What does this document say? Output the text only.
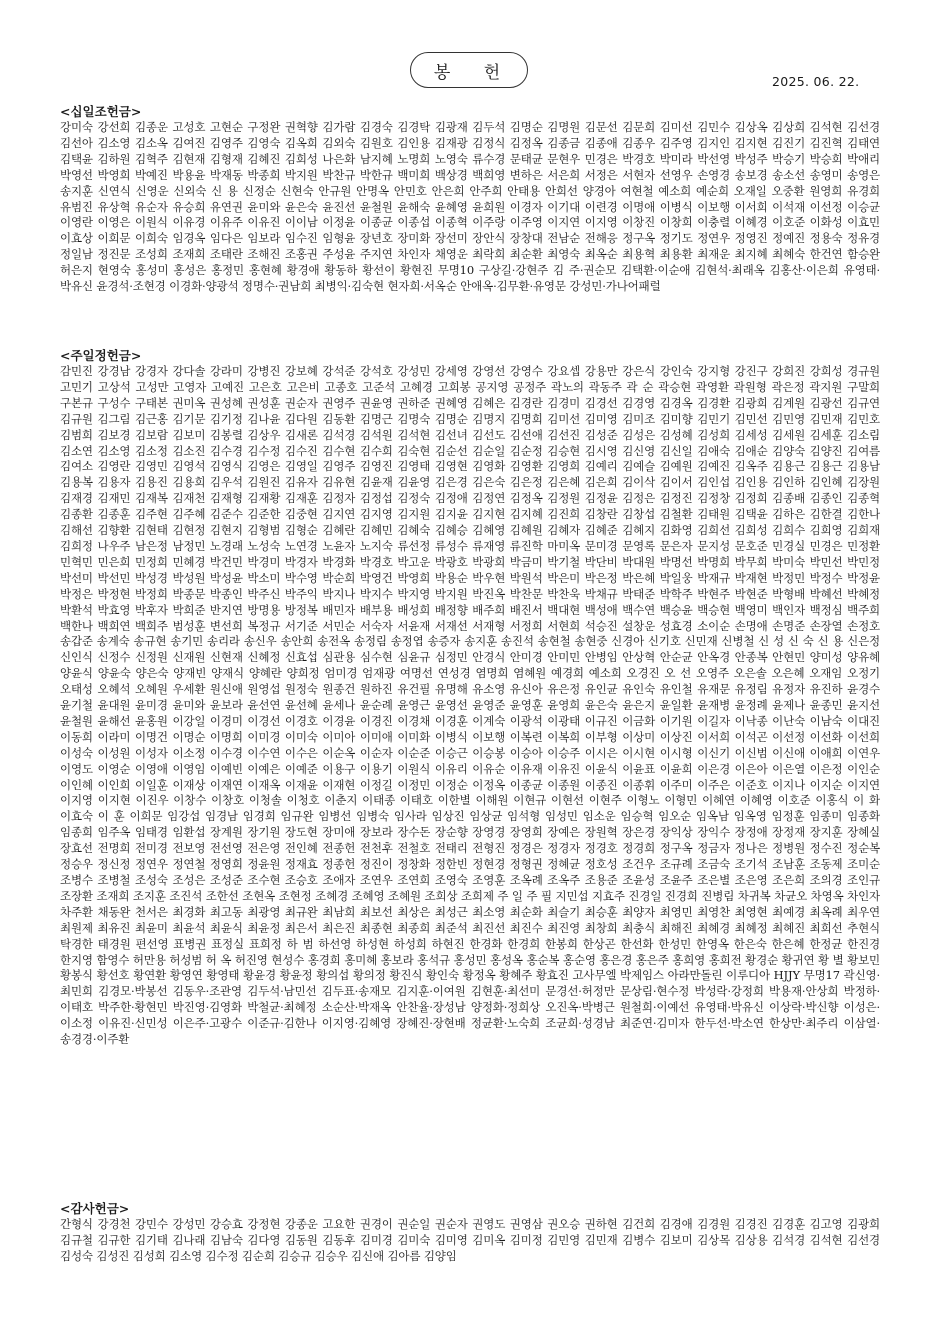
봉 헌	2025. 06. 22.
<십일조헌금>
강미숙 강선희 김종운 고성호 고현순 구정완 권혁향 김가람 김경숙 김경탁 김광재 김두석 김명순 김명원 김문선 김문희 김미선 김민수 김상옥 김상희 김석현 김선경 김선아 김소영 김소옥 김여진 김영주 김영숙 김옥희 김외숙 김원호 김인용 김재광 김정식 김정옥 김종금 김종애 김종우 김주영 김지인 김지현 김진기 김진혁 김태연 김택윤 김하원 김혁주 김현재 김형재 김혜진 김희성 나은화 남지혜 노명희 노영숙 류수경 문태균 문현우 민경은 박경호 박미라 박선영 박성주 박승기 박승희 박애리 박영선 박영희 박예진 박용윤 박재동 박종희 박지원 박찬규 박한규 백미희 백상경 백희영 변하은 서은희 서정은 서현자 선영우 손영경 송보경 송소선 송영미 송영은 송지훈 신연식 신영운 신외숙 신 용 신정순 신현숙 안규원 안명옥 안민호 안은희 안주희 안태용 안희선 양경아 여현철 예소희 예순희 오재일 오중환 원영희 유경희 유범진 유상혁 유순자 유승희 유연권 윤미와 윤은숙 윤진선 윤철원 윤해숙 윤혜영 윤희원 이경자 이기대 이련경 이명애 이병식 이보행 이서희 이석재 이선정 이승균 이영란 이영은 이원식 이유경 이유주 이유진 이이남 이정윤 이종균 이종섭 이종혁 이주랑 이주영 이지연 이지영 이창진 이창희 이충렬 이혜경 이호준 이화성 이효민 이효상 이희문 이희숙 임경옥 임다은 임보라 임수진 임형윤 장년호 장미화 장선미 장안식 장창대 전남순 전해응 정구옥 정기도 정연우 정영진 정예진 정용숙 정유경 정일남 정진문 조성희 조재희 조태란 조해진 조홍권 주성윤 주지연 차인자 채영운 최락희 최순환 최영숙 최옥순 최용혁 최용환 최재운 최지혜 최혜숙 한건연 함승완 허은지 현영숙 홍성미 홍성은 홍정민 홍현혜 황경애 황동하 황선이 황현진 무명10 구상길·강현주 김 주·권순모 김택환·이순애 김현석·최래옥 김홍산·이은희 유영태·박유신 윤경석·조현경 이경화·양광석 정명수·권남희 최병익·김숙현 현자희·서옥순 안애옥·김무환·유영문 강성민·가나어패럴
<주일정헌금>
감민진 강경남 강경자 강다솔 강라미 강병진 강보혜 강석준 강석호 강성민 강세영 강영선 강영수 강요셉 강용만 강은식 강인숙 강지형 강진구 강희진 강희성 경규원 고민기 고상석 고성만 고영자 고예진 고은호 고은비 고종호 고준석 고혜경 고희봉 공지영 공정주 곽노의 곽동주 곽 순 곽승현 곽영환 곽원형 곽은정 곽지원 구말희 구본규 구성수 구태본 권미옥 권성혜 권성훈 권순자 권영주 권윤영 권하준 권혜영 김혜은 김경란 김경미 김경선 김경영 김경옥 김경환 김광희 김계원 김광선 김규연 김규원 김그림 김근홍 김기문 김기정 김나윤 김다원 김동환 김명근 김명숙 김명순 김명지 김명희 김미선 김미영 김미조 김미향 김민기 김민선 김민영 김민재 김민호 김범희 김보경 김보람 김보미 김봉렬 김상우 김새론 김석경 김석원 김석현 김선녀 김선도 김선애 김선진 김성준 김성은 김성혜 김성희 김세성 김세원 김세훈 김소림 김소연 김소영 김소정 김소진 김수경 김수정 김수진 김수현 김수희 김숙현 김순선 김순일 김순정 김승현 김시영 김신영 김신일 김애숙 김애순 김양숙 김양진 김여름 김여소 김영란 김영민 김영석 김영식 김영은 김영일 김영주 김영진 김영태 김영현 김영화 김영환 김영희 김예리 김예슬 김예원 김예진 김옥주 김용근 김용근 김용남 김용복 김용자 김용진 김용희 김우석 김원진 김유자 김유현 김윤재 김윤영 김은경 김은숙 김은정 김은혜 김은희 김이삭 김이서 김인섭 김인용 김인하 김인혜 김장원 김재경 김재민 김재복 김재천 김재형 김재황 김재훈 김정자 김정섭 김정숙 김정애 김정연 김정옥 김정원 김정윤 김정은 김정진 김정창 김정희 김종배 김종인 김종혁 김종환 김종훈 김주현 김주혜 김준수 김준한 김중현 김지연 김지영 김지원 김지윤 김지현 김지혜 김진희 김창란 김창섭 김철환 김태원 김택윤 김하은 김한결 김한나 김해선 김향환 김현태 김현정 김현지 김형범 김형순 김혜란 김혜민 김혜숙 김혜승 김혜영 김혜원 김혜자 김혜준 김혜지 김화영 김희선 김희성 김희수 김희영 김희재 김희정 나우주 남은정 남정민 노경래 노성숙 노연경 노윤자 노지숙 류선정 류성수 류재영 류진학 마미옥 문미경 문영록 문은자 문지성 문호준 민경실 민경은 민정환 민혁민 민은희 민정희 민혜경 박건민 박경미 박경자 박경화 박경호 박고운 박광호 박광희 박금미 박기철 박단비 박대원 박명선 박명희 박무희 박미숙 박민선 박민정 박선미 박선민 박성경 박성원 박성윤 박소미 박수영 박순희 박영건 박영희 박용순 박우현 박원석 박은미 박은정 박은혜 박일웅 박재규 박재현 박정민 박정수 박정윤 박정은 박정현 박정희 박종문 박종인 박주신 박주익 박지나 박지수 박지영 박지원 박진옥 박찬문 박찬욱 박채규 박태준 박학주 박현주 박현준 박형배 박혜선 박혜정 박환석 박효영 박후자 박희준 반지연 방명용 방정복 배민자 배부용 배성희 배정향 배주희 배진서 백대현 백성애 백수연 백승윤 백승현 백영미 백인자 백정심 백주희 백한나 백희연 백희주 범성훈 변선희 복정규 서기준 서민순 서숙자 서윤재 서재선 서재형 서정희 서현희 석승진 설창운 성효경 소이순 손명애 손명준 손장열 손정호 송갑준 송계숙 송규현 송기민 송리라 송신우 송안희 송전옥 송정림 송정엽 송증자 송지훈 송진석 송현철 송현중 신경아 신기호 신민재 신병철 신 성 신 숙 신 용 신은정 신인식 신정수 신정원 신재원 신현재 신혜정 신효섭 심관용 심수현 심윤규 심정민 안경식 안미경 안미민 안병임 안상혁 안순균 안옥경 안종복 안현민 양미성 양유혜 양윤식 양윤숙 양은숙 양재빈 양재식 양혜란 양희정 엄미경 엄재광 여명선 연성경 염명희 염혜원 예경희 예소희 오경진 오 선 오영주 오은솔 오은혜 오재임 오정기 오태성 오혜석 오혜원 우세환 원신애 원영섭 원정숙 원종건 원하진 유건필 유명해 유소영 유신아 유은정 유인균 유인숙 유인철 유재문 유정림 유정자 유진하 윤경수 윤기철 윤대원 윤미경 윤미와 윤보라 윤선연 윤선혜 윤세나 윤순례 윤영근 윤영선 윤영준 윤영훈 윤영희 윤은숙 윤은지 윤일환 윤재병 윤정례 윤제나 윤종민 윤지선 윤철원 윤해선 윤홍원 이강일 이경미 이경선 이경호 이경윤 이경진 이경채 이경훈 이계숙 이광석 이광태 이규진 이금화 이기원 이길자 이낙종 이난숙 이남숙 이대진 이동희 이라미 이명건 이명순 이명희 이미경 이미숙 이미아 이미애 이미화 이병식 이보행 이복련 이복희 이부형 이상미 이상진 이서희 이석곤 이선정 이선화 이선희 이성숙 이성원 이성자 이소정 이수경 이수연 이수은 이순옥 이순자 이순준 이승근 이승봉 이승아 이승주 이시은 이시현 이시형 이신기 이신범 이신애 이애희 이연우 이영도 이영순 이영애 이영임 이예빈 이예은 이예준 이용구 이용기 이원식 이유리 이유순 이유재 이유진 이윤식 이윤표 이윤희 이은경 이은아 이은열 이은정 이인순 이인혜 이인희 이일훈 이재상 이재연 이재옥 이재윤 이재현 이정길 이정민 이정순 이정옥 이종균 이종원 이종진 이종휘 이주미 이주은 이준호 이지나 이지순 이지연 이지영 이지현 이진우 이창수 이창호 이청솔 이청호 이춘지 이태종 이태호 이한별 이해원 이현규 이현선 이현주 이형노 이형민 이혜연 이혜영 이호준 이홍식 이 화 이효숙 이 훈 이희문 임강섭 임경남 임경희 임규완 임병선 임병숙 임사라 임상진 임상균 임석형 임성민 임소운 임승혁 임오순 임옥남 임옥영 임정훈 임종미 임종화 임종희 임주옥 임태경 임환섭 장계원 장기원 장도현 장미애 장보라 장수돈 장순향 장영경 장영희 장예은 장원혁 장은경 장익상 장익수 장정애 장정재 장지훈 장혜실 장효선 전명희 전미경 전보영 전선영 전은영 전인혜 전종헌 전천후 전철호 전태리 전형진 정경은 정경자 정경호 정경희 정구옥 정금자 정나은 정병원 정수진 정순복 정승우 정신정 정연우 정연철 정영희 정윤원 정재효 정종헌 정진이 정창화 정한빈 정현경 정형권 정혜균 정호성 조건우 조규례 조금숙 조기석 조남훈 조동제 조미순 조병수 조병철 조성숙 조성은 조성준 조수현 조승호 조애자 조연우 조연희 조영숙 조영훈 조옥례 조옥주 조용준 조윤성 조윤주 조은별 조은영 조은희 조의경 조인규 조장환 조재희 조지훈 조진석 조한선 조현옥 조현정 조혜경 조혜영 조혜원 조희상 조희제 주 일 주 필 지민섭 지효주 진경일 진경희 진병림 차귀복 차균오 차영옥 차인자 차주환 채동완 천서은 최경화 최고동 최광영 최규완 최남희 최보선 최상은 최성근 최소영 최순화 최슬기 최승훈 최양자 최영민 최영찬 최영현 최예경 최옥례 최우연 최원제 최유진 최윤미 최윤석 최윤식 최윤정 최은서 최은진 최종현 최종희 최준석 최진선 최진수 최진영 최창희 최충식 최해진 최혜경 최혜정 최혜진 최희선 추현식 탁경한 태경원 편선영 표병권 표정실 표희정 하 범 하선영 하성현 하성희 하현진 한경화 한경희 한봉희 한상곤 한선화 한성민 한영옥 한은숙 한은혜 한정균 한진경 한지영 함영수 허만용 허성범 허 옥 허진영 현성수 홍경희 홍미혜 홍보라 홍석규 홍성민 홍성옥 홍순복 홍순영 홍은경 홍은주 홍희영 홍희전 황경순 황귀연 황 별 황보민 황봉식 황선호 황연환 황영연 황영태 황윤경 황윤정 황의섭 황의정 황진식 황인숙 황정옥 황혜주 황효진 고사무엘 박제임스 아라만돌린 이루디아 HJJY 무명17 곽신영·최민희 김경모·박봉선 김동우·조관영 김두석·남민선 김두표·송재모 김지훈·이여원 김현훈·최선미 문경선·허정만 문상림·현수정 박성락·강정희 박용재·안상희 박정하·이태호 박주한·황현민 박진영·김영화 박철균·최혜정 소순산·박재옥 안찬율·장성남 양정화·정희상 오진옥·박병근 원철희·이예선 유영태·박유신 이상락·박신향 이성은·이소정 이유진·신민성 이은주·고광수 이준규·김한나 이지영·김혜영 장혜진·장현배 정균환·노숙희 조균희·성경남 최준연·김미자 한두선·박소연 한상만·최주리 이삼열·송경경·이주환
<감사헌금>
간형식 강경천 강민수 강성민 강승효 강정현 강종운 고요한 권경이 권순일 권순자 권영도 권영삼 권오승 권하현 김건희 김경애 김경원 김경진 김경훈 김고영 김광희 김규철 김규한 김기태 김나래 김남숙 김다영 김동원 김동후 김미경 김미숙 김미영 김미옥 김미정 김민영 김민재 김병수 김보미 김상목 김상용 김석경 김석현 김선경 김성숙 김성진 김성희 김소영 김수정 김순희 김승규 김승우 김신애 김아름 김양임
